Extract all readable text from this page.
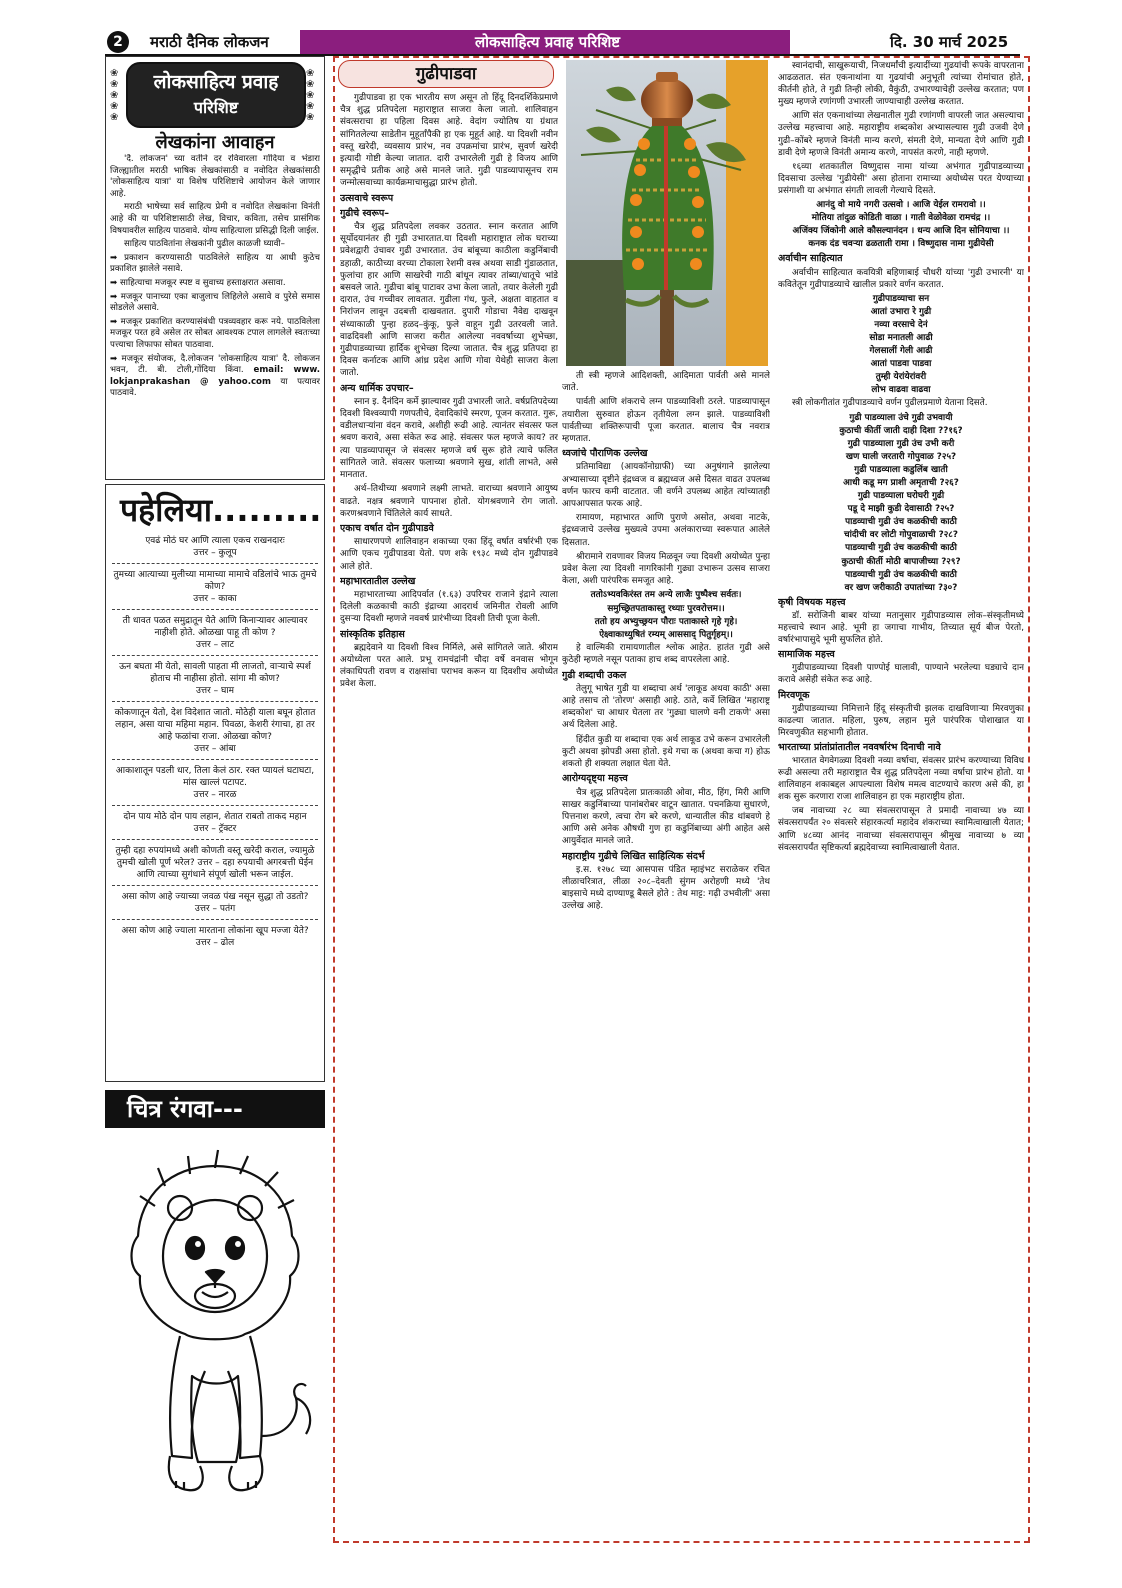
2	मराठी दैनिक लोकजन	लोकसाहित्य प्रवाह परिशिष्ट	दि. 30 मार्च 2025
❀
❀
❀
❀
❀
❀
❀
❀
❀
❀
लोकसाहित्य प्रवाह
परिशिष्ट
लेखकांना आवाहन

'दै. लोकजन' च्या वतीने दर रविवारला गोंदिया व भंडारा जिल्ह्यातील मराठी भाषिक लेखकांसाठी व नवोदित लेखकांसाठी 'लोकसाहित्य यात्रा' या विशेष परिशिष्टाचे आयोजन केले जाणार आहे.

मराठी भाषेच्या सर्व साहित्य प्रेमी व नवोदित लेखकांना विनंती आहे की या परिशिष्टासाठी लेख, विचार, कविता, तसेच प्रासंगिक विषयावरील साहित्य पाठवावे. योग्य साहित्याला प्रसिद्धी दिली जाईल.

साहित्य पाठवितांना लेखकांनी पुढील काळजी घ्यावी–

➡ प्रकाशन करण्यासाठी पाठविलेले साहित्य या आधी कुठेच प्रकाशित झालेले नसावे.

➡ साहित्याचा मजकूर स्पष्ट व सुवाच्य हस्ताक्षरात असावा.

➡ मजकूर पानाच्या एका बाजुलाच लिहिलेले असावे व पुरेसे समास सोडलेले असावे.

➡ मजकूर प्रकाशित करण्यासंबंधी पत्रव्यवहार करू नये. पाठविलेला मजकूर परत हवे असेल तर सोबत आवश्यक टपाल लागलेले स्वतःच्या पत्त्याचा लिफाफा सोबत पाठवावा.

➡ मजकूर संयोजक, दै.लोकजन 'लोकसाहित्य यात्रा' दै. लोकजन भवन, टी. बी. टोली,गोंदिया किंवा. email: www. lokjanprakashan @ yahoo.com या पत्यावर पाठवावे.

पहेलिया.........
एवढं मोठं घर आणि त्याला एकच राखनदारः
उत्तर – कुलूप
तुमच्या आत्याच्या मुलीच्या मामाच्या मामाचे वडिलांचे भाऊ तुमचे कोण?
उत्तर – काका
ती धावत पळत समुद्रातून येते आणि किनाऱ्यावर आल्यावर नाहीशी होते. ओळखा पाहू ती कोण ?
उत्तर – लाट
ऊन बघता मी येतो, सावली पाहता मी लाजतो, वाऱ्याचे स्पर्श होताच मी नाहीसा होतो. सांगा मी कोण?
उत्तर – घाम
कोकणातून येतो, देश विदेशात जातो. मोठेही याला बघून होतात लहान, असा याचा महिमा महान. पिवळा, केशरी रंगाचा, हा तर आहे फळांचा राजा. ओळखा कोण?
उत्तर – आंबा
आकाशातून पडली धार, तिला केलं ठार. रक्त प्यायलं घटाघटा, मांस खाल्लं पटापट.
उत्तर – नारळ
दोन पाय मोठे दोन पाय लहान, शेतात राबतो ताकद महान
उत्तर – ट्रॅक्टर
तुम्ही दहा रुपयांमध्ये अशी कोणती वस्तू खरेदी कराल, ज्यामुळे तुमची खोली पूर्ण भरेल? उत्तर – दहा रुपयाची अगरबत्ती घेईन आणि त्याच्या सुगंधाने संपूर्ण खोली भरून जाईल.
असा कोण आहे ज्याच्या जवळ पंख नसून सुद्धा तो उडतो?
उत्तर – पतंग
असा कोण आहे ज्याला मारताना लोकांना खूप मज्जा येते?
उत्तर – ढोल
चित्र रंगवा---
गुढीपाडवा

गुढीपाडवा हा एक भारतीय सण असून तो हिंदू दिनदर्शिकेप्रमाणे चैत्र शुद्ध प्रतिपदेला महाराष्ट्रात साजरा केला जातो. शालिवाहन संवत्सराचा हा पहिला दिवस आहे. वेदांग ज्योतिष या ग्रंथात सांगितलेल्या साडेतीन मुहूर्तांपैकी हा एक मुहूर्त आहे. या दिवशी नवीन वस्तू खरेदी, व्यवसाय प्रारंभ, नव उपक्रमांचा प्रारंभ, सुवर्ण खरेदी इत्यादी गोष्टी केल्या जातात. दारी उभारलेली गुढी हे विजय आणि समृद्धीचे प्रतीक आहे असे मानले जाते. गुढी पाडव्यापासूनच राम जन्मोत्सवाच्या कार्यक्रमाचासुद्धा प्रारंभ होतो.

उत्सवाचे स्वरूप
गुढीचे स्वरूप–

चैत्र शुद्ध प्रतिपदेला लवकर उठतात. स्नान करतात आणि सूर्योदयानंतर ही गुढी उभारतात.या दिवशी महाराष्ट्रात लोक घराच्या प्रवेशद्वारी उंचावर गुढी उभारतात. उंच बांबूच्या काठीला कडुनिंबाची डहाळी, काठीच्या वरच्या टोकाला रेशमी वस्त्र अथवा साडी गुंडाळतात, फुलांचा हार आणि साखरेची गाठी बांधून त्यावर तांब्या/धातूचे भांडे बसवले जाते. गुढीचा बांबू पाटावर उभा केला जातो, तयार केलेली गुढी दारात, उंच गच्चीवर लावतात. गुढीला गंध, फुले, अक्षता वाहतात व निरांजन लावून उदबत्ती दाखवतात. दुपारी गोडाचा नैवेद्य दाखवून संध्याकाळी पुन्हा हळद–कुंकू, फुले वाहून गुढी उतरवली जाते. वाढदिवशी आणि साजरा करीत आलेल्या नववर्षाच्या शुभेच्छा, गुढीपाडव्याच्या हार्दिक शुभेच्छा दिल्या जातात. चैत्र शुद्ध प्रतिपदा हा दिवस कर्नाटक आणि आंध्र प्रदेश आणि गोवा येथेही साजरा केला जातो.

अन्य धार्मिक उपचार–

स्नान इ. दैनंदिन कर्मे झाल्यावर गुढी उभारली जाते. वर्षप्रतिपदेच्या दिवशी विश्वव्यापी गणपतीचे, देवादिकांचे स्मरण, पूजन करतात. गुरू, वडीलधाऱ्यांना वंदन करावे, अशीही रूढी आहे. त्यानंतर संवत्सर फल श्रवण करावे, असा संकेत रूढ आहे. संवत्सर फल म्हणजे काय? तर त्या पाडव्यापासून जे संवत्सर म्हणजे वर्ष सुरू होते त्याचे फलित सांगितले जाते. संवत्सर फलाच्या श्रवणाने सुख, शांती लाभते, असे मानतात.

अर्थ–तिथीच्या श्रवणाने लक्ष्मी लाभते. वाराच्या श्रवणाने आयुष्य वाढते. नक्षत्र श्रवणाने पापनाश होतो. योगश्रवणाने रोग जातो. करणश्रवणाने चिंतिलेले कार्य साधते.

एकाच वर्षात दोन गुढीपाडवे

साधारणपणे शालिवाहन शकाच्या एका हिंदू वर्षात वर्षारंभी एक आणि एकच गुढीपाडवा येतो. पण शके १९३८ मध्ये दोन गुढीपाडवे आले होते.

महाभारतातील उल्लेख

महाभारताच्या आदिपर्वात (१.६३) उपरिचर राजाने इंद्राने त्याला दिलेली कळकाची काठी इंद्राच्या आदरार्थ जमिनीत रोवली आणि दुसऱ्या दिवशी म्हणजे नववर्ष प्रारंभीच्या दिवशी तिची पूजा केली.

सांस्कृतिक इतिहास

ब्रह्मदेवाने या दिवशी विश्व निर्मिले, असे सांगितले जाते. श्रीराम अयोध्येला परत आले. प्रभू रामचंद्रांनी चौदा वर्षे वनवास भोगून लंकाधिपती रावण व राक्षसांचा पराभव करून या दिवशीच अयोध्येत प्रवेश केला.

ती स्त्री म्हणजे आदिशक्ती, आदिमाता पार्वती असे मानले जाते.

पार्वती आणि शंकराचे लग्न पाडव्याविशी ठरले. पाडव्यापासून तयारीला सुरुवात होऊन तृतीयेला लग्न झाले. पाडव्याविशी पार्वतीच्या शक्तिरूपाची पूजा करतात. बालाच चैत्र नवरात्र म्हणतात.

ध्वजांचे पौराणिक उल्लेख

प्रतिमाविद्या (आयकॉनोग्राफी) च्या अनुषंगाने झालेल्या अभ्यासाच्या दृष्टीने इंद्रध्वज व ब्रह्मध्वज असे दिसत वाढत उपलब्ध वर्णन फारच कमी वाटतात. जी वर्णने उपलब्ध आहेत त्यांच्यातही आपआपसात फरक आहे.

रामायण, महाभारत आणि पुराणे असोत, अथवा नाटके, इंद्रध्वजाचे उल्लेख मुख्यत्वे उपमा अलंकाराच्या स्वरूपात आलेले दिसतात.

श्रीरामाने रावणावर विजय मिळवून ज्या दिवशी अयोध्येत पुन्हा प्रवेश केला त्या दिवशी नागरिकांनी गुढ्या उभारून उत्सव साजरा केला, अशी पारंपरिक समजूत आहे.

ततोऽभ्यवकिरंस्त तम अन्ये लाजैः पुष्पैश्च सर्वतः।

समुच्छ्रितपताकास्तु रथ्याः पुरवरोत्तम।।

ततो हय अभ्युच्छ्रयन पौराः पताकास्ते गृहे गृहे।

ऐक्ष्वाकाध्युषितं रम्यम् आससाद् पितुर्गृहम्।।

हे वाल्मिकी रामायणातील श्लोक आहेत. हातंत गुढी असे कुठेही म्हणले नसून पताका हाच शब्द वापरलेला आहे.

गुढी शब्दाची उकल

तेलुगू भाषेत गुडी या शब्दाचा अर्थ 'लाकूड अथवा काठी' असा आहे तसाच तो 'तोरण' असाही आहे. ठाते, कर्वे लिखित 'महाराष्ट्र शब्दकोश' चा आधार घेतला तर 'गुढ्या घालणे वनी टाकणे' असा अर्थ दिलेला आहे.

हिंदीत कुडी या शब्दाचा एक अर्थ लाकूड उभे करून उभारलेली कुटी अथवा झोपडी असा होतो. इथे गचा क (अथवा कचा ग) होऊ शकतो ही शक्यता लक्षात घेता येते.

आरोग्यदृष्ट्या महत्त्व

चैत्र शुद्ध प्रतिपदेला प्रातःकाळी ओवा, मीठ, हिंग, मिरी आणि साखर कडुनिंबाच्या पानांबरोबर वाटून खातात. पचनक्रिया सुधारणे, पित्तनाश करणे, त्वचा रोग बरे करणे, धान्यातील कीड थांबवणे हे आणि असे अनेक औषधी गुण हा कडुनिंबाच्या अंगी आहेत असे आयुर्वेदात मानले जाते.

महाराष्ट्रीय गुढीचे लिखित साहित्यिक संदर्भ

इ.स. १२७८ च्या आसपास पंडित म्हाइंभट सराळेकर रचित लीळाचरित्रात, लीळा २०८–देवती सुंगम अरोहणी मध्ये 'तेथ बाइसाचे मध्ये दाण्याण्डू बैसले होते : तेथ माट्ट: गढ़ी उभवीली' असा उल्लेख आहे.

स्वानंदाची, साखुरूयाची, निजधर्मांची इत्यादींच्या गुढयांची रूपके वापरताना आढळतात. संत एकनाथांना या गुढयांची अनुभूती त्यांच्या रोमांचात होते, कीर्तनी होते, ते गुढी तिन्ही लोकी, वैकुंठी, उभारण्याचेही उल्लेख करतात; पण मुख्य म्हणजे रणांगणी उभारली जाण्याचाही उल्लेख करतात.

आणि संत एकनाथांच्या लेखनातील गुढी रणांगणी वापरली जात असल्याचा उल्लेख महत्त्वाचा आहे. महाराष्ट्रीय शब्दकोश अभ्यासल्यास गुढी उजवी देणे गुढी–कोंबरे म्हणजे विनंती मान्य करणे, संमती देणे, मान्यता देणे आणि गुढी डावी देणे म्हणजे विनंती अमान्य करणे, नापसंत करणे, नाही म्हणणे.

१६व्या शतकातील विष्णुदास नामा यांच्या अभंगात गुढीपाडव्याच्या दिवसाचा उल्लेख 'गुढीयेसी' असा होताना रामाच्या अयोध्येस परत येण्याच्या प्रसंगाशी या अभंगात संगती लावली गेल्याचे दिसते.

आनंदु वो माये नगरी उत्सवो । आजि येईल रामरावो ।।

मोतिया तांदुळ कोडिती वाळा । गाती वेळोवेळा रामचंद्र ।।

अजिंक्य जिंकोनी आले कौसल्यानंदन । धन्य आजि दिन सोनियाचा ।।

कनक दंड चवऱ्या ढळताती रामा । विष्णुदास नामा गुढीयेसी

अर्वाचीन साहित्यात

अर्वाचीन साहित्यात कवयित्री बहिणाबाई चौधरी यांच्या 'गुढी उभारनी' या कवितेतून गुढीपाडव्याचे खालील प्रकारे वर्णन करतात.

गुढीपाडव्याचा सन

आतां उभारा रे गुढी

नव्या वरसाचे देनं

सोडा मनातली आढी

गेलसालीं गेली आढी

आतां पाडवा पाडवा

तुम्ही येरांयेरांवरी

लोभ वाढवा वाढवा

स्त्री लोकगीतांत गुढीपाडव्याचे वर्णन पुढीलप्रमाणे येताना दिसते.

गुढी पाडव्याला उंचे गुढी उभवायी

कुठाची कीर्ती जाती दाही दिशा ??१६?

गुढी पाडव्याला गुढी उंच उभी करी

खण घाली जरतारी गोपुवाळ ?२५?

गुढी पाडव्याला कडुलिंब खाती

आधी कडू मग प्राशी अमृताची ?२६?

गुढी पाडव्याला घरोघरी गुढी

पडू दे माझी कुडी देवासाठी ?२५?

पाडव्याची गुढी उंच कळकीची काठी

चांदीची वर लोटी गोपुवाळाची ?२८?

पाडव्याची गुढी उंच कळकीची काठी

कुठाची कीर्ती मोठी बापाजीच्या ?२९?

पाडव्याची गुढी उंच कळकीची काठी

वर खण जरीकाठी उपातांच्या ?३०?

कृषी विषयक महत्त्व

डॉ. सरोजिनी बाबर यांच्या मतानुसार गुढीपाडव्यास लोक–संस्कृतीमध्ये महत्त्वाचे स्थान आहे. भूमी हा जगाचा गाभीय, तिच्यात सूर्य बीज पेरतो, वर्षारंभापासुदे भूमी सुफलित होते.

सामाजिक महत्त्व

गुढीपाडव्याच्या दिवशी पाण्पोई घालावी, पाण्याने भरलेल्या घड्याचे दान करावे असेही संकेत रूढ आहे.

मिरवणूक

गुढीपाडव्याच्या निमित्ताने हिंदू संस्कृतीची झलक दाखविणाऱ्या मिरवणुका काढल्या जातात. महिला, पुरुष, लहान मुले पारंपरिक पोशाखात या मिरवणुकीत सहभागी होतात.

भारताच्या प्रांतांप्रांतातील नववर्षारंभ दिनाची नावे

भारतात वेगवेगळ्या दिवशी नव्या वर्षाचा, संवत्सर प्रारंभ करण्याच्या विविध रूढी असल्या तरी महाराष्ट्रात चैत्र शुद्ध प्रतिपदेला नव्या वर्षाचा प्रारंभ होतो. या शालिवाहन शकाबद्दल आपल्याला विशेष ममत्व वाटण्याचे कारण असे की, हा शक सुरू करणारा राजा शालिवाहन हा एक महाराष्ट्रीय होता.

जब नावाच्या २८ व्या संवत्सरापासून ते प्रमादी नावाच्या ४७ व्या संवत्सरापर्यंत २० संवत्सरे संहारकर्त्या महादेव शंकराच्या स्वामित्वाखाली येतात; आणि ४८व्या आनंद नावाच्या संवत्सरापासून श्रीमुख नावाच्या ७ व्या संवत्सरापर्यंत सृष्टिकर्त्या ब्रह्मदेवाच्या स्वामित्वाखाली येतात.
